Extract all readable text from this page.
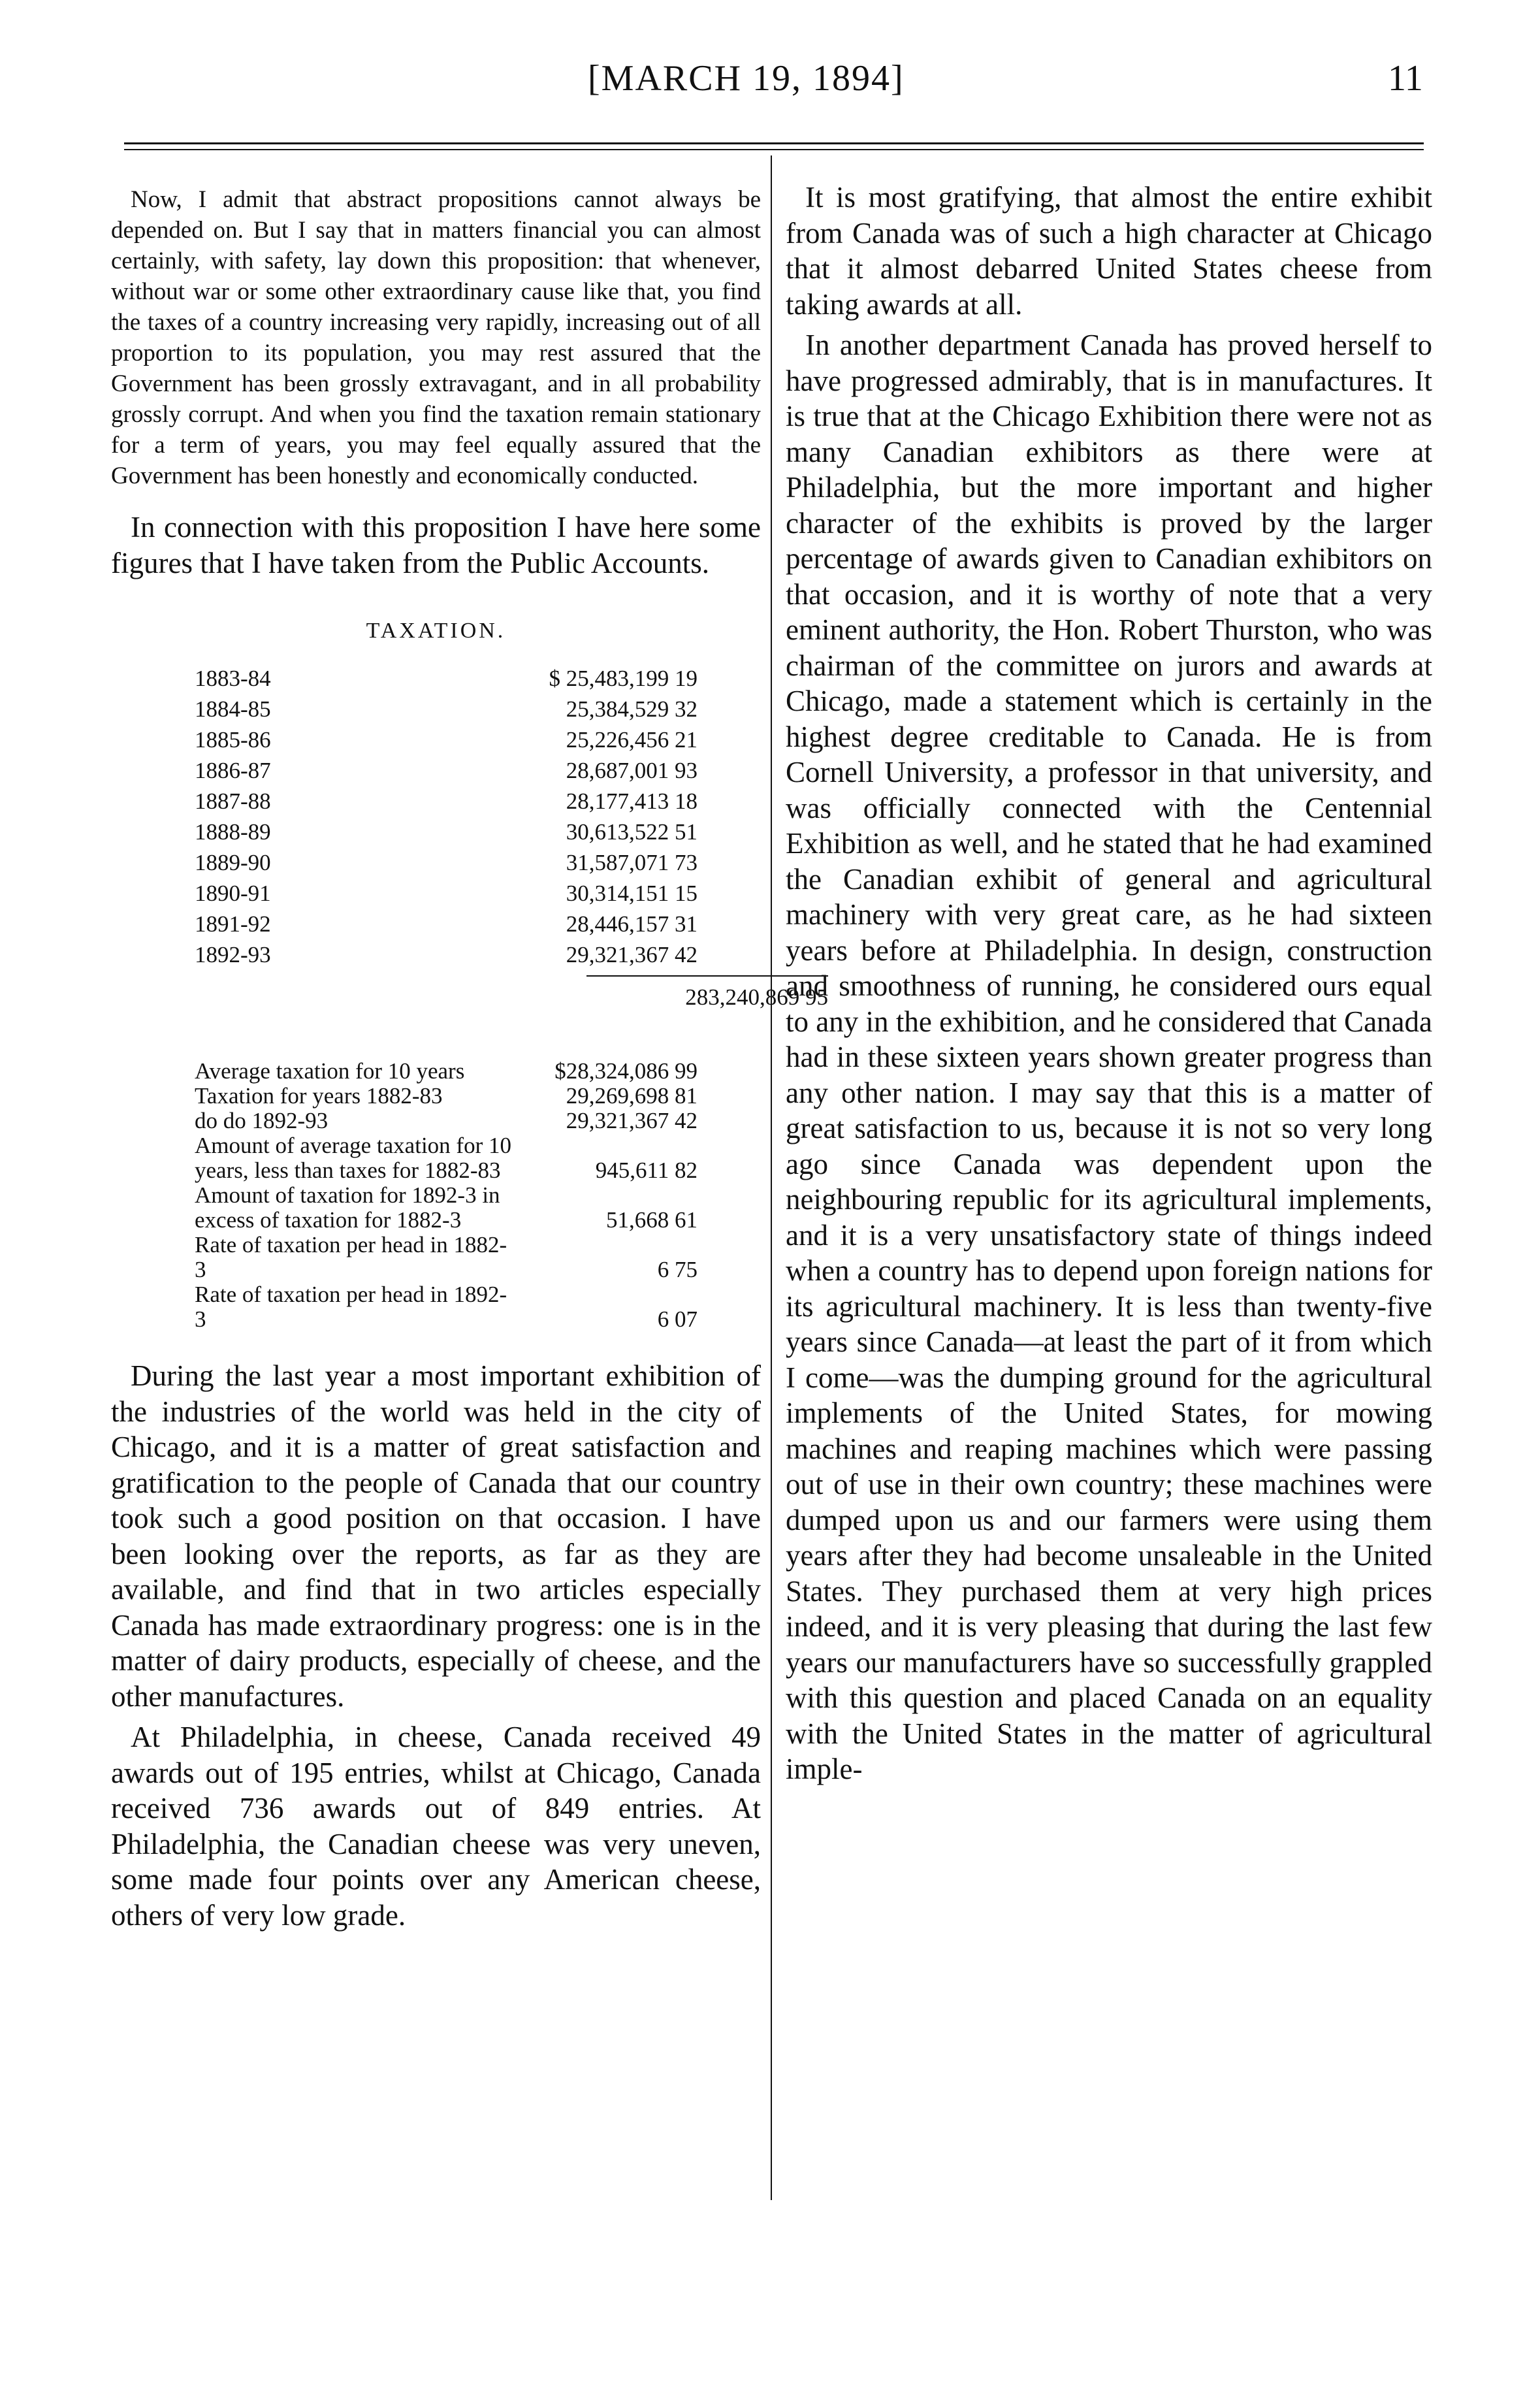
[MARCH 19, 1894]	11

Now, I admit that abstract propositions cannot always be depended on. But I say that in matters financial you can almost certainly, with safety, lay down this proposition: that whenever, without war or some other extraordinary cause like that, you find the taxes of a country increasing very rapidly, increasing out of all proportion to its population, you may rest assured that the Government has been grossly extravagant, and in all probability grossly corrupt. And when you find the taxation remain stationary for a term of years, you may feel equally assured that the Government has been honestly and economically conducted.

In connection with this proposition I have here some figures that I have taken from the Public Accounts.

TAXATION.
1883-84	$ 25,483,199 19
1884-85	25,384,529 32
1885-86	25,226,456 21
1886-87	28,687,001 93
1887-88	28,177,413 18
1888-89	30,613,522 51
1889-90	31,587,071 73
1890-91	30,314,151 15
1891-92	28,446,157 31
1892-93	29,321,367 42
283,240,869 95
Average taxation for 10 years	$28,324,086 99
Taxation for years 1882-83	29,269,698 81
do do 1892-93	29,321,367 42
Amount of average taxation for 10 years, less than taxes for 1882-83	945,611 82
Amount of taxation for 1892-3 in excess of taxation for 1882-3	51,668 61
Rate of taxation per head in 1882-3	6 75
Rate of taxation per head in 1892-3	6 07

During the last year a most important exhibition of the industries of the world was held in the city of Chicago, and it is a matter of great satisfaction and gratification to the people of Canada that our country took such a good position on that occasion. I have been looking over the reports, as far as they are available, and find that in two articles especially Canada has made extraordinary progress: one is in the matter of dairy products, especially of cheese, and the other manufactures.

At Philadelphia, in cheese, Canada received 49 awards out of 195 entries, whilst at Chicago, Canada received 736 awards out of 849 entries. At Philadelphia, the Canadian cheese was very uneven, some made four points over any American cheese, others of very low grade.

It is most gratifying, that almost the entire exhibit from Canada was of such a high character at Chicago that it almost debarred United States cheese from taking awards at all.

In another department Canada has proved herself to have progressed admirably, that is in manufactures. It is true that at the Chicago Exhibition there were not as many Canadian exhibitors as there were at Philadelphia, but the more important and higher character of the exhibits is proved by the larger percentage of awards given to Canadian exhibitors on that occasion, and it is worthy of note that a very eminent authority, the Hon. Robert Thurston, who was chairman of the committee on jurors and awards at Chicago, made a statement which is certainly in the highest degree creditable to Canada. He is from Cornell University, a professor in that university, and was officially connected with the Centennial Exhibition as well, and he stated that he had examined the Canadian exhibit of general and agricultural machinery with very great care, as he had sixteen years before at Philadelphia. In design, construction and smoothness of running, he considered ours equal to any in the exhibition, and he considered that Canada had in these sixteen years shown greater progress than any other nation. I may say that this is a matter of great satisfaction to us, because it is not so very long ago since Canada was dependent upon the neighbouring republic for its agricultural implements, and it is a very unsatisfactory state of things indeed when a country has to depend upon foreign nations for its agricultural machinery. It is less than twenty-five years since Canada—at least the part of it from which I come—was the dumping ground for the agricultural implements of the United States, for mowing machines and reaping machines which were passing out of use in their own country; these machines were dumped upon us and our farmers were using them years after they had become unsaleable in the United States. They purchased them at very high prices indeed, and it is very pleasing that during the last few years our manufacturers have so successfully grappled with this question and placed Canada on an equality with the United States in the matter of agricultural imple-
